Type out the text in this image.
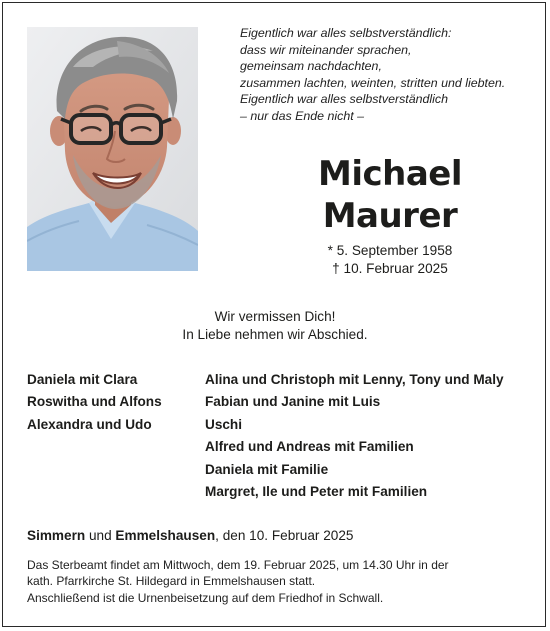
Eigentlich war alles selbstverständlich:
dass wir miteinander sprachen,
gemeinsam nachdachten,
zusammen lachten, weinten, stritten und liebten.
Eigentlich war alles selbstverständlich
– nur das Ende nicht –
Michael
Maurer
* 5. September 1958
† 10. Februar 2025
Wir vermissen Dich!
In Liebe nehmen wir Abschied.
Daniela mit Clara
Roswitha und Alfons
Alexandra und Udo
Alina und Christoph mit Lenny, Tony und Maly
Fabian und Janine mit Luis
Uschi
Alfred und Andreas mit Familien
Daniela mit Familie
Margret, Ile und Peter mit Familien
Simmern und Emmelshausen, den 10. Februar 2025
Das Sterbeamt findet am Mittwoch, dem 19. Februar 2025, um 14.30 Uhr in der
kath. Pfarrkirche St. Hildegard in Emmelshausen statt.
Anschließend ist die Urnenbeisetzung auf dem Friedhof in Schwall.
